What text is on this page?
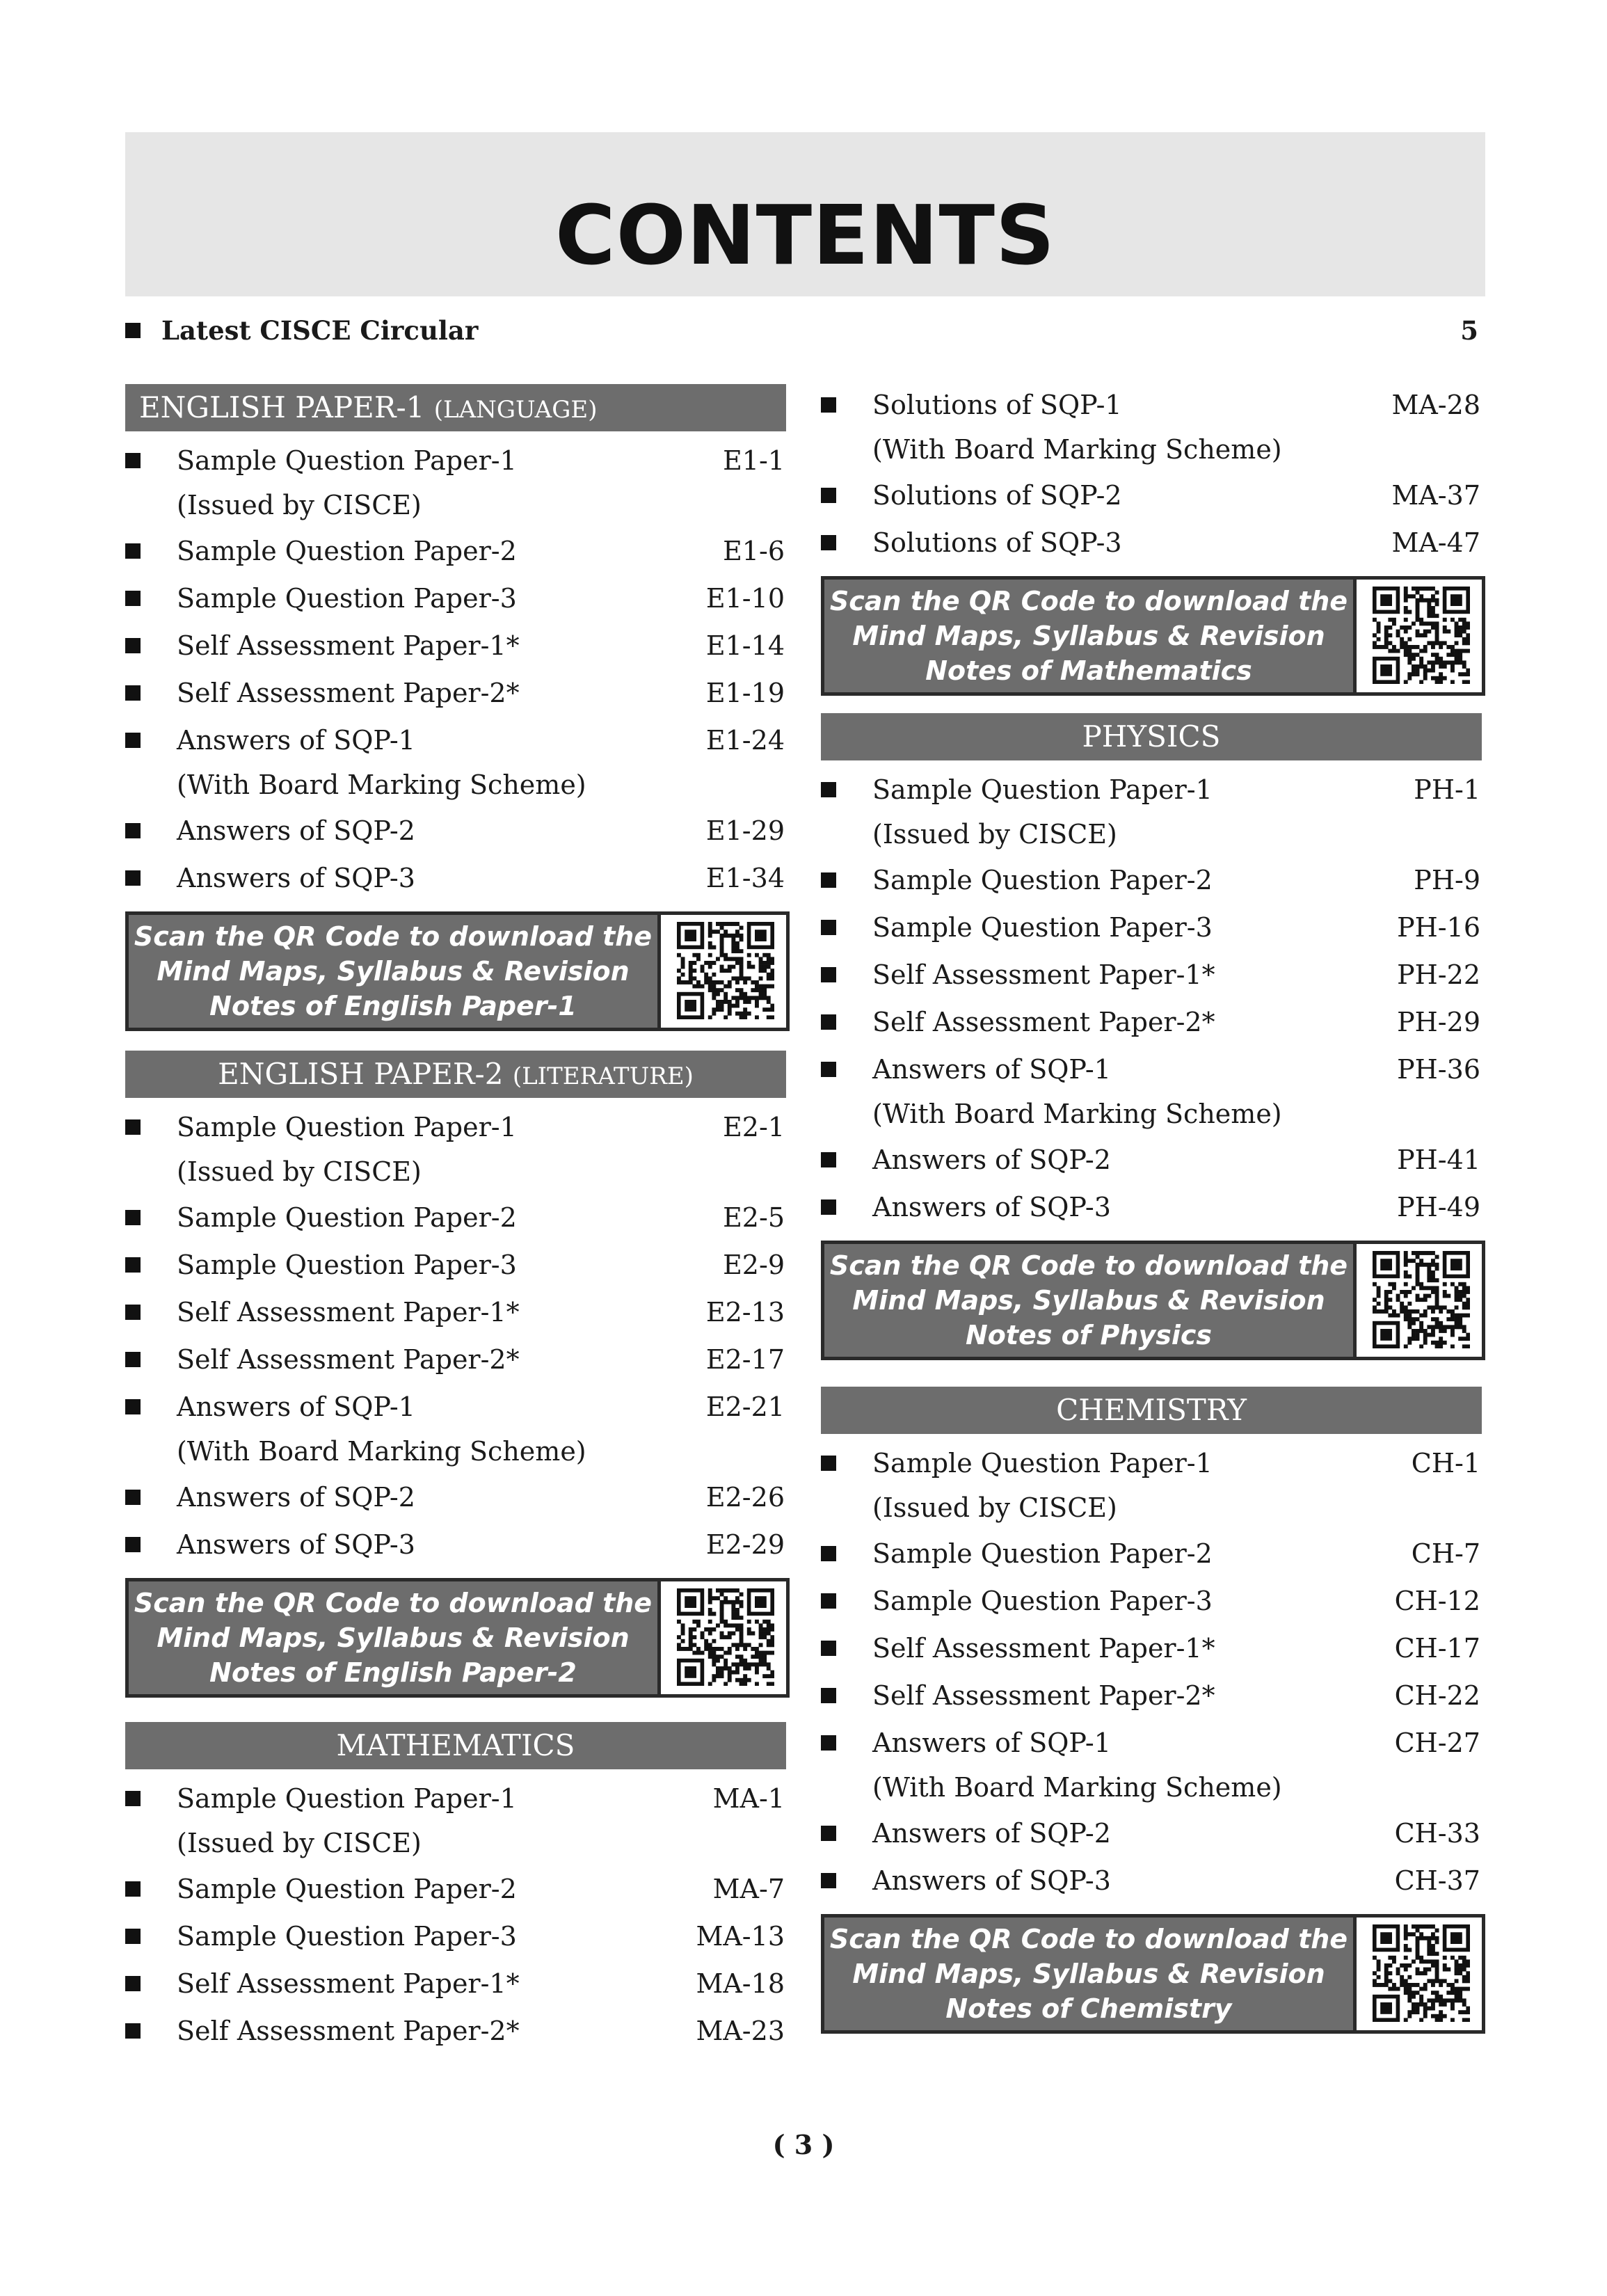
CONTENTS
Latest CISCE Circular	5
ENGLISH PAPER-1 (LANGUAGE)
Sample Question Paper-1	E1-1
(Issued by CISCE)
Sample Question Paper-2	E1-6
Sample Question Paper-3	E1-10
Self Assessment Paper-1*	E1-14
Self Assessment Paper-2*	E1-19
Answers of SQP-1	E1-24
(With Board Marking Scheme)
Answers of SQP-2	E1-29
Answers of SQP-3	E1-34
Scan the QR Code to download the
Mind Maps, Syllabus & Revision
Notes of English Paper-1
ENGLISH PAPER-2 (LITERATURE)
Sample Question Paper-1	E2-1
(Issued by CISCE)
Sample Question Paper-2	E2-5
Sample Question Paper-3	E2-9
Self Assessment Paper-1*	E2-13
Self Assessment Paper-2*	E2-17
Answers of SQP-1	E2-21
(With Board Marking Scheme)
Answers of SQP-2	E2-26
Answers of SQP-3	E2-29
Scan the QR Code to download the
Mind Maps, Syllabus & Revision
Notes of English Paper-2
MATHEMATICS
Sample Question Paper-1	MA-1
(Issued by CISCE)
Sample Question Paper-2	MA-7
Sample Question Paper-3	MA-13
Self Assessment Paper-1*	MA-18
Self Assessment Paper-2*	MA-23
Solutions of SQP-1	MA-28
(With Board Marking Scheme)
Solutions of SQP-2	MA-37
Solutions of SQP-3	MA-47
Scan the QR Code to download the
Mind Maps, Syllabus & Revision
Notes of Mathematics
PHYSICS
Sample Question Paper-1	PH-1
(Issued by CISCE)
Sample Question Paper-2	PH-9
Sample Question Paper-3	PH-16
Self Assessment Paper-1*	PH-22
Self Assessment Paper-2*	PH-29
Answers of SQP-1	PH-36
(With Board Marking Scheme)
Answers of SQP-2	PH-41
Answers of SQP-3	PH-49
Scan the QR Code to download the
Mind Maps, Syllabus & Revision
Notes of Physics
CHEMISTRY
Sample Question Paper-1	CH-1
(Issued by CISCE)
Sample Question Paper-2	CH-7
Sample Question Paper-3	CH-12
Self Assessment Paper-1*	CH-17
Self Assessment Paper-2*	CH-22
Answers of SQP-1	CH-27
(With Board Marking Scheme)
Answers of SQP-2	CH-33
Answers of SQP-3	CH-37
Scan the QR Code to download the
Mind Maps, Syllabus & Revision
Notes of Chemistry
( 3 )
